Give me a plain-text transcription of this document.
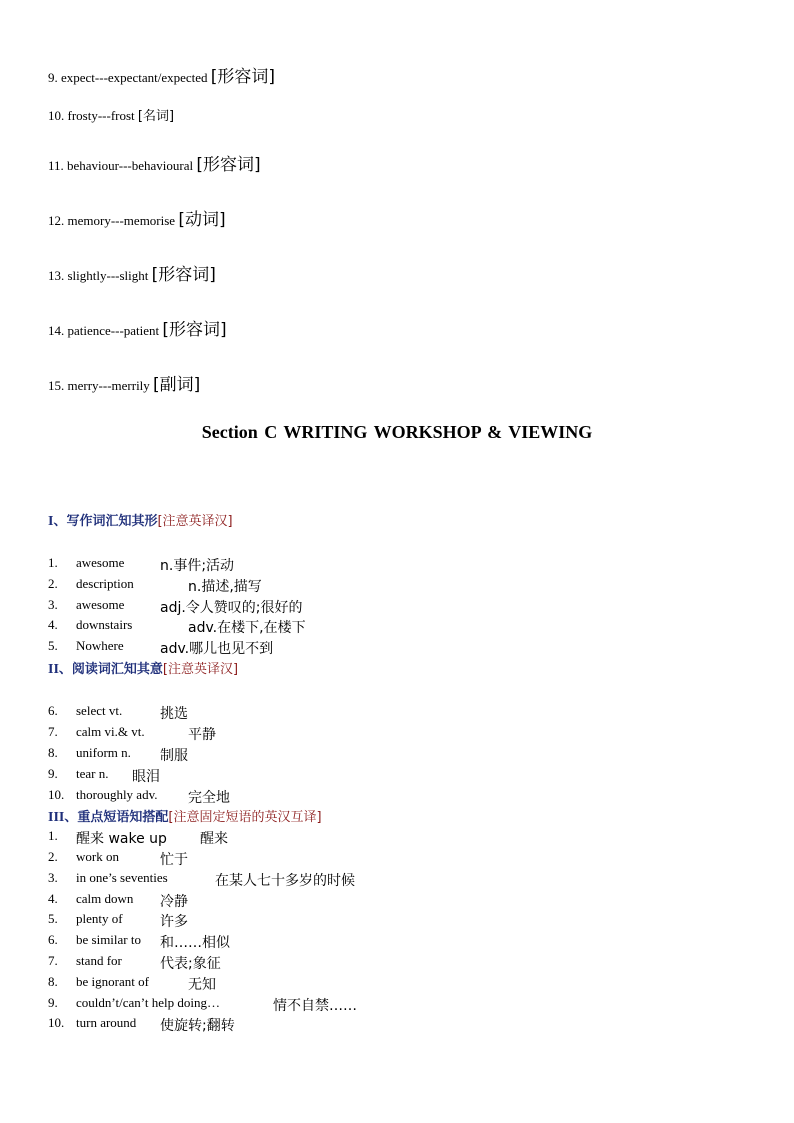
9. expect---expectant/expected [形容词]
10. frosty---frost [名词]
11. behaviour---behavioural [形容词]
12. memory---memorise [动词]
13. slightly---slight [形容词]
14. patience---patient [形容词]
15. merry---merrily [副词]
Section C WRITING WORKSHOP & VIEWING
I、写作词汇知其形[注意英译汉]
1. awesome	n.事件;活动
2. description	n.描述,描写
3. awesome	adj.令人赞叹的;很好的
4. downstairs	adv.在楼下,在楼下
5. Nowhere	adv.哪儿也见不到
II、阅读词汇知其意[注意英译汉]
6. select vt.	挑选
7. calm vi.& vt.	平静
8. uniform n. 制服
9. tear n. 眼泪
10. thoroughly adv. 完全地
III、重点短语知搭配[注意固定短语的英汉互译]
1. 醒来 wake up 醒来
2. work on	忙于
3. in one’s seventies	在某人七十多岁的时候
4. calm down 冷静
5. plenty of	许多
6. be similar to 和……相似
7. stand for	代表;象征
8. be ignorant of	无知
9. couldn’t/can’t help doing…	情不自禁……
10. turn around 使旋转;翻转
